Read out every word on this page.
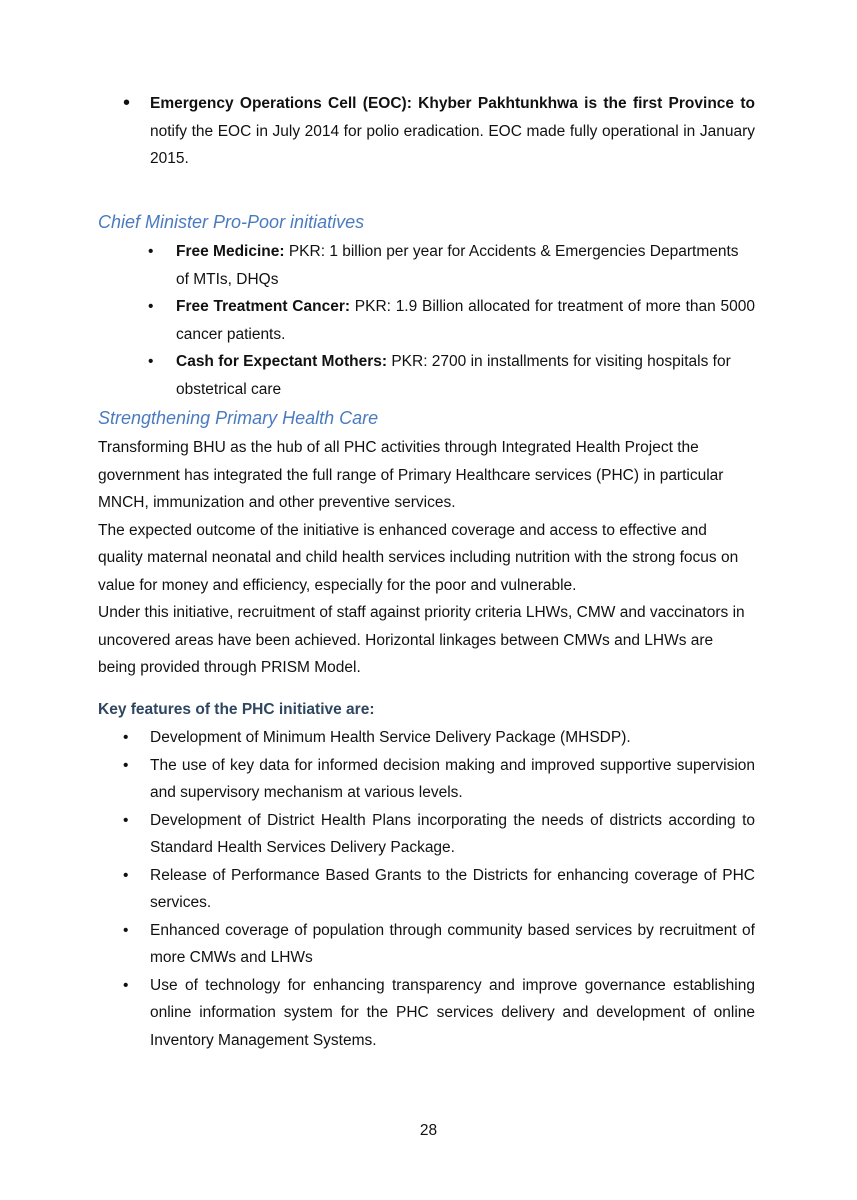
• Emergency Operations Cell (EOC): Khyber Pakhtunkhwa is the first Province to notify the EOC in July 2014 for polio eradication. EOC made fully operational in January 2015.
Chief Minister Pro-Poor initiatives
• Free Medicine: PKR: 1 billion per year for Accidents & Emergencies Departments of MTIs, DHQs
• Free Treatment Cancer: PKR: 1.9 Billion allocated for treatment of more than 5000 cancer patients.
• Cash for Expectant Mothers: PKR: 2700 in installments for visiting hospitals for obstetrical care
Strengthening Primary Health Care
Transforming BHU as the hub of all PHC activities through Integrated Health Project the government has integrated the full range of Primary Healthcare services (PHC) in particular MNCH, immunization and other preventive services.
The expected outcome of the initiative is enhanced coverage and access to effective and quality maternal neonatal and child health services including nutrition with the strong focus on value for money and efficiency, especially for the poor and vulnerable.
Under this initiative, recruitment of staff against priority criteria LHWs, CMW and vaccinators in uncovered areas have been achieved. Horizontal linkages between CMWs and LHWs are being provided through PRISM Model.
Key features of the PHC initiative are:
• Development of Minimum Health Service Delivery Package (MHSDP).
• The use of key data for informed decision making and improved supportive supervision and supervisory mechanism at various levels.
• Development of District Health Plans incorporating the needs of districts according to Standard Health Services Delivery Package.
• Release of Performance Based Grants to the Districts for enhancing coverage of PHC services.
• Enhanced coverage of population through community based services by recruitment of more CMWs and LHWs
• Use of technology for enhancing transparency and improve governance establishing online information system for the PHC services delivery and development of online Inventory Management Systems.
28
